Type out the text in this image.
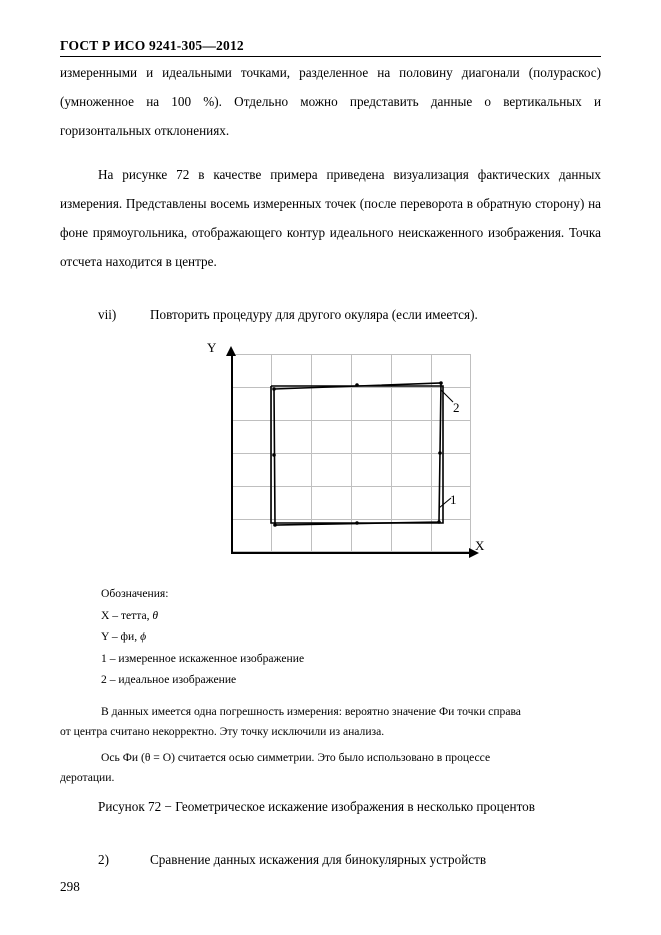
ГОСТ Р ИСО 9241-305—2012
измеренными и идеальными точками, разделенное на половину диагонали (полураскос) (умноженное на 100 %). Отдельно можно представить данные о вертикальных и горизонтальных отклонениях.
На рисунке 72 в качестве примера приведена визуализация фактических данных измерения. Представлены восемь измеренных точек (после переворота в обратную сторону) на фоне прямоугольника, отображающего контур идеального неискаженного изображения. Точка отсчета находится в центре.
vii)	Повторить процедуру для другого окуляра (если имеется).
Y
X
2
1
Обозначения:
X – тетта, θ
Y – фи, ϕ
1 – измеренное искаженное изображение
2 – идеальное изображение
В данных имеется одна погрешность измерения: вероятно значение Фи точки справа
от центра считано некорректно. Эту точку исключили из анализа.
Ось Фи (θ = O) считается осью симметрии. Это было использовано в процессе
деротации.
Рисунок 72 − Геометрическое искажение изображения в несколько процентов
2)	Сравнение данных искажения для бинокулярных устройств
298
